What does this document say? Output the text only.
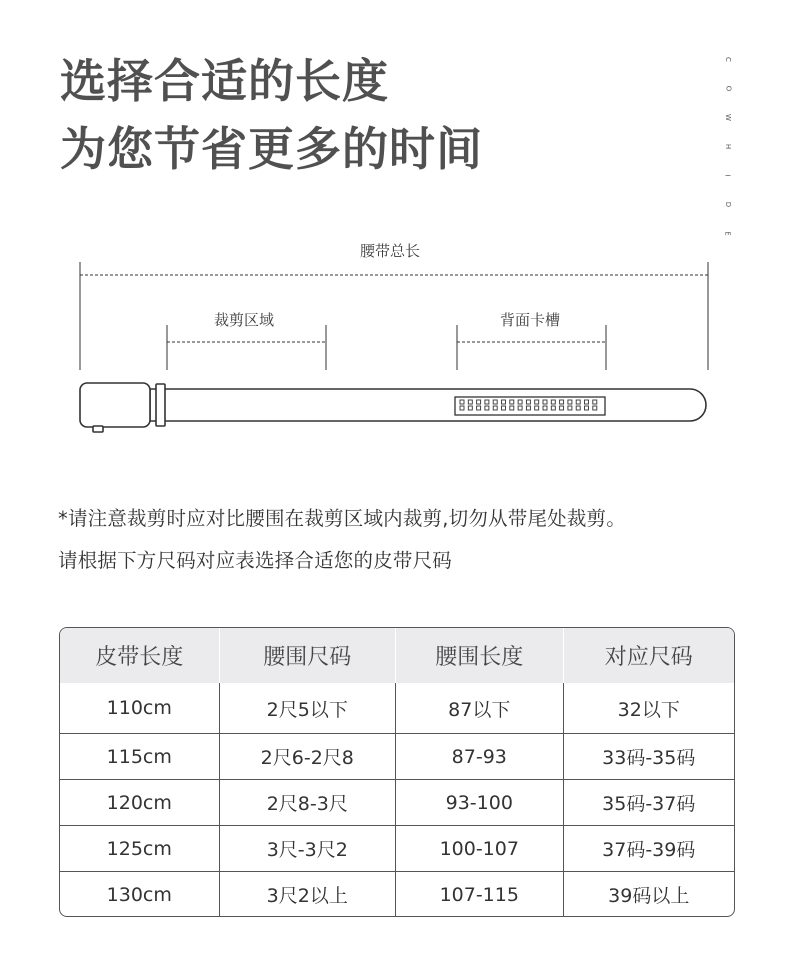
选择合适的长度
为您节省更多的时间
C
O
W
H
I
D
E
腰带总长
裁剪区域	背面卡槽
*请注意裁剪时应对比腰围在裁剪区域内裁剪,切勿从带尾处裁剪。
请根据下方尺码对应表选择合适您的皮带尺码
皮带长度	腰围尺码	腰围长度	对应尺码
110cm	2尺5以下	87以下	32以下
115cm	2尺6-2尺8	87-93	33码-35码
120cm	2尺8-3尺	93-100	35码-37码
125cm	3尺-3尺2	100-107	37码-39码
130cm	3尺2以上	107-115	39码以上
